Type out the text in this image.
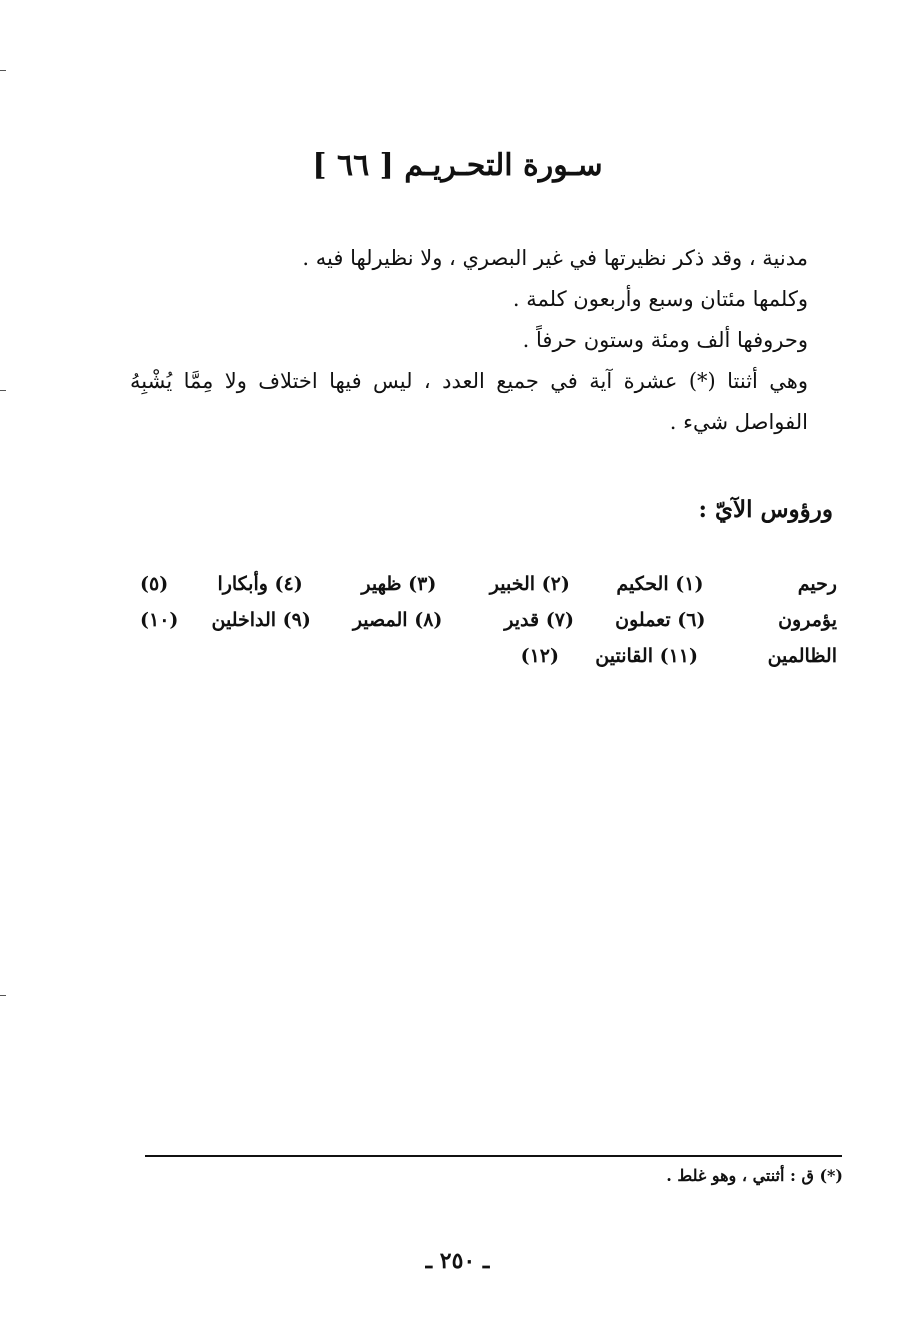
سـورة التحـريـم [ ٦٦ ]

مدنية ، وقد ذكر نظيرتها في غير البصري ، ولا نظيرلها فيه .

وكلمها مئتان وسبع وأربعون كلمة .

وحروفها ألف ومئة وستون حرفاً .

وهي أثنتا (*) عشرة آية في جميع العدد ، ليس فيها اختلاف ولا مِمَّا يُشْبِهُ الفواصل شيء .

ورؤوس الآيّ :
رحيم
(١) الحكيم
(٢) الخبير
(٣) ظهير
(٤) وأبكارا
(٥)
يؤمرون
(٦) تعملون
(٧) قدير
(٨) المصير
(٩) الداخلين
(١٠)
الظالمين
(١١) القانتين
(١٢)
(*) ق : أثنتي ، وهو غلط .
ـ ٢٥٠ ـ
